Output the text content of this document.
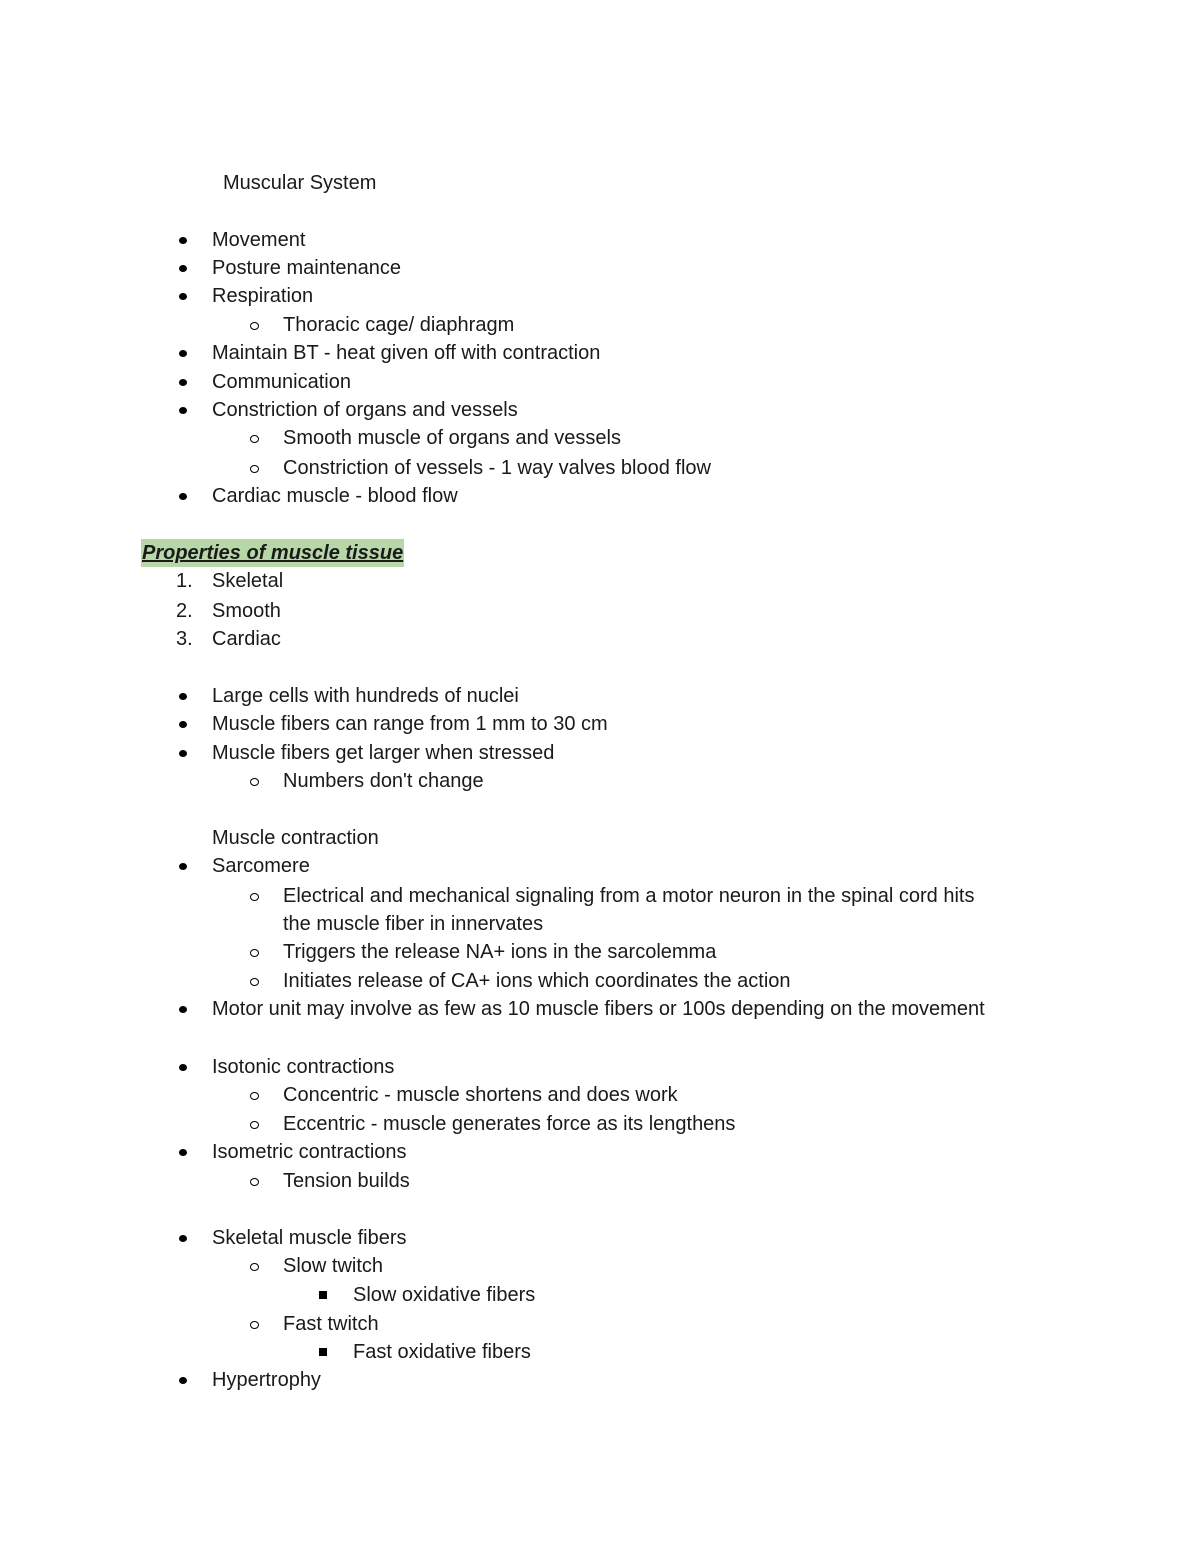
Muscular System
Movement
Posture maintenance
Respiration
Thoracic cage/ diaphragm
Maintain BT - heat given off with contraction
Communication
Constriction of organs and vessels
Smooth muscle of organs and vessels
Constriction of vessels - 1 way valves blood flow
Cardiac muscle - blood flow
Properties of muscle tissue
1. Skeletal
2. Smooth
3. Cardiac
Large cells with hundreds of nuclei
Muscle fibers can range from 1 mm to 30 cm
Muscle fibers get larger when stressed
Numbers don't change
Muscle contraction
Sarcomere
Electrical and mechanical signaling from a motor neuron in the spinal cord hits
the muscle fiber in innervates
Triggers the release NA+ ions in the sarcolemma
Initiates release of CA+ ions which coordinates the action
Motor unit may involve as few as 10 muscle fibers or 100s depending on the movement
Isotonic contractions
Concentric - muscle shortens and does work
Eccentric - muscle generates force as its lengthens
Isometric contractions
Tension builds
Skeletal muscle fibers
Slow twitch
Slow oxidative fibers
Fast twitch
Fast oxidative fibers
Hypertrophy
